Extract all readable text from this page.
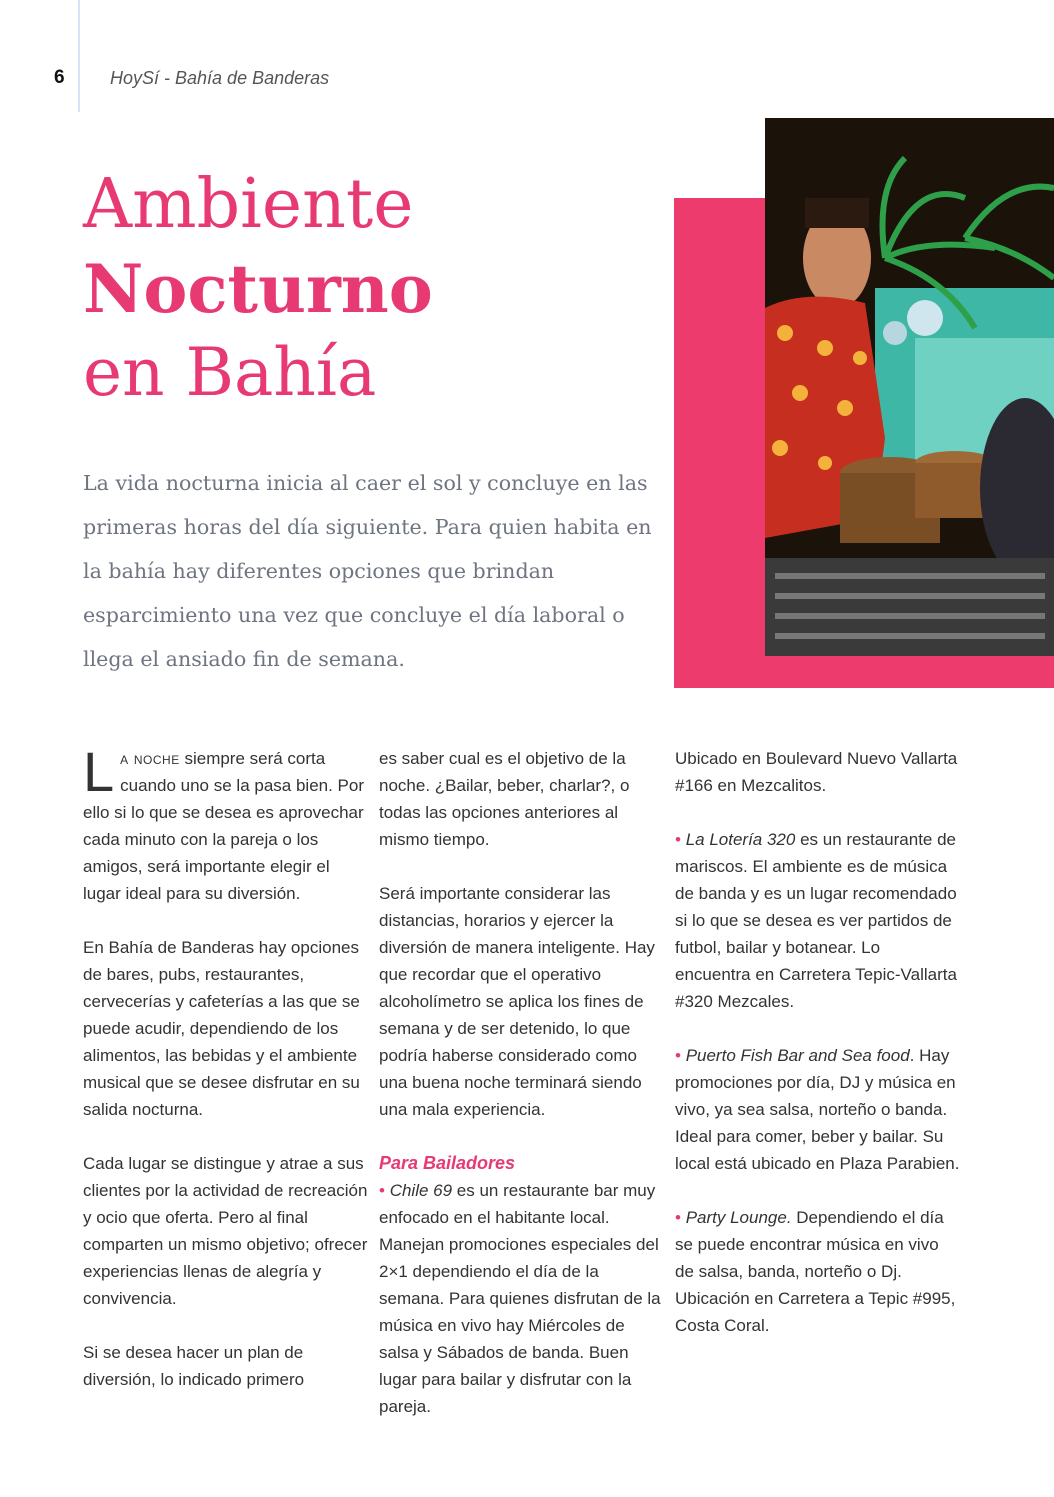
6	HoySí - Bahía de Banderas
Ambiente
Nocturno
en Bahía

La vida nocturna inicia al caer el sol y concluye en las primeras horas del día siguiente. Para quien habita en la bahía hay diferentes opciones que brindan esparcimiento una vez que concluye el día laboral o llega el ansiado fin de semana.

La noche siempre será corta cuando uno se la pasa bien. Por ello si lo que se desea es aprovechar cada minuto con la pareja o los amigos, será importante elegir el lugar ideal para su diversión.

En Bahía de Banderas hay opciones de bares, pubs, restaurantes, cervecerías y cafeterías a las que se puede acudir, dependiendo de los alimentos, las bebidas y el ambiente musical que se desee disfrutar en su salida nocturna.

Cada lugar se distingue y atrae a sus clientes por la actividad de recreación y ocio que oferta. Pero al final comparten un mismo objetivo; ofrecer experiencias llenas de alegría y convivencia.

Si se desea hacer un plan de diversión, lo indicado primero

es saber cual es el objetivo de la noche. ¿Bailar, beber, charlar?, o todas las opciones anteriores al mismo tiempo.

Será importante considerar las distancias, horarios y ejercer la diversión de manera inteligente. Hay que recordar que el operativo alcoholímetro se aplica los fines de semana y de ser detenido, lo que podría haberse considerado como una buena noche terminará siendo una mala experiencia.

Para Bailadores

• Chile 69 es un restaurante bar muy enfocado en el habitante local. Manejan promociones especiales del 2×1 dependiendo el día de la semana. Para quienes disfrutan de la música en vivo hay Miércoles de salsa y Sábados de banda. Buen lugar para bailar y disfrutar con la pareja.

Ubicado en Boulevard Nuevo Vallarta #166 en Mezcalitos.

• La Lotería 320 es un restaurante de mariscos. El ambiente es de música de banda y es un lugar recomendado si lo que se desea es ver partidos de futbol, bailar y botanear. Lo encuentra en Carretera Tepic-Vallarta #320 Mezcales.

• Puerto Fish Bar and Sea food. Hay promociones por día, DJ y música en vivo, ya sea salsa, norteño o banda. Ideal para comer, beber y bailar. Su local está ubicado en Plaza Parabien.

• Party Lounge. Dependiendo el día se puede encontrar música en vivo de salsa, banda, norteño o Dj. Ubicación en Carretera a Tepic #995, Costa Coral.
